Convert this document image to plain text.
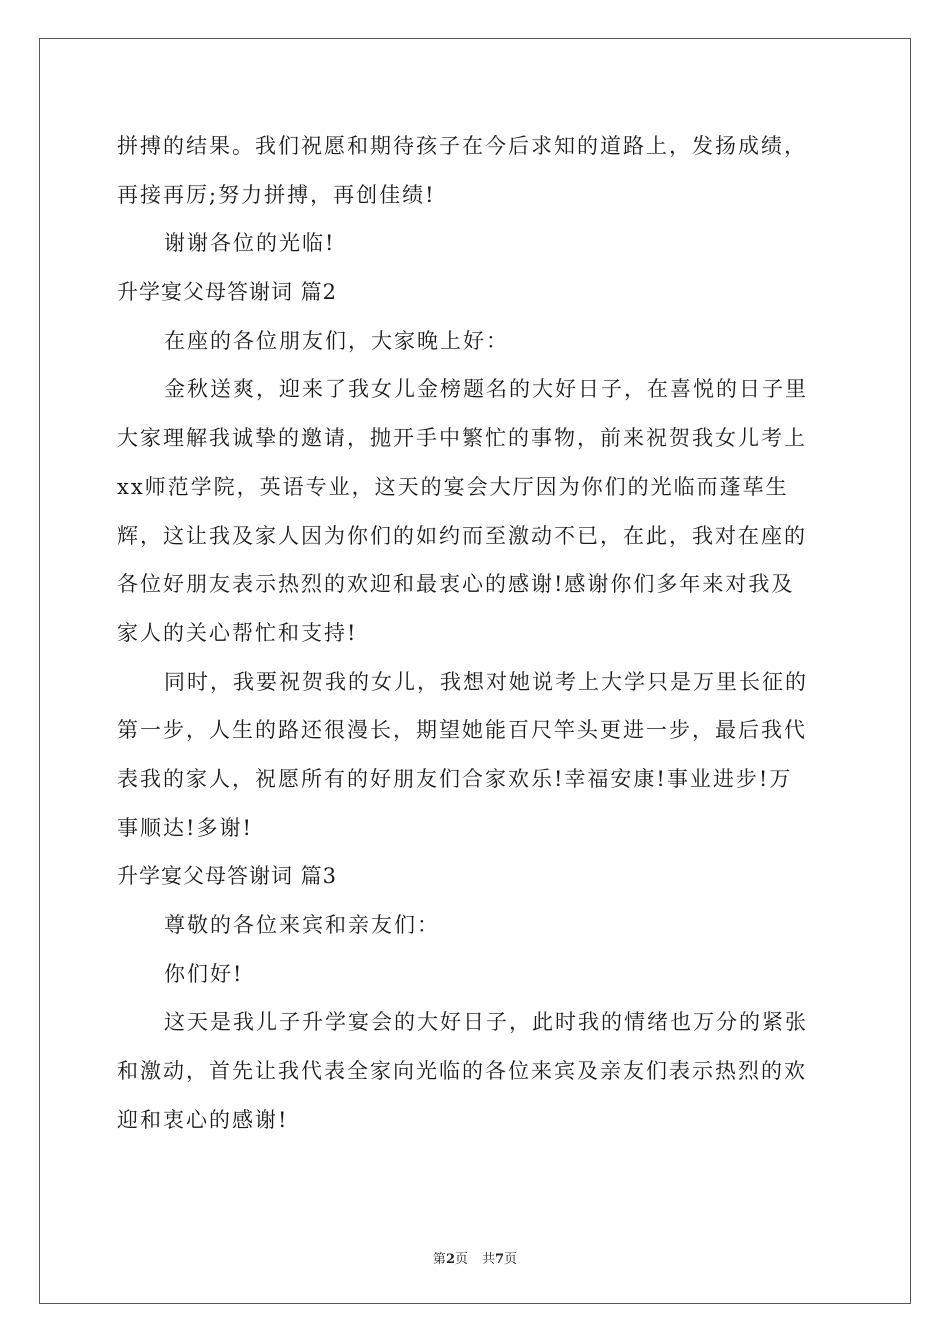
拼搏的结果。我们祝愿和期待孩子在今后求知的道路上，发扬成绩，
再接再厉;努力拼搏，再创佳绩!
谢谢各位的光临!
升学宴父母答谢词 篇2
在座的各位朋友们，大家晚上好：
金秋送爽，迎来了我女儿金榜题名的大好日子，在喜悦的日子里
大家理解我诚挚的邀请，抛开手中繁忙的事物，前来祝贺我女儿考上
xx师范学院，英语专业，这天的宴会大厅因为你们的光临而蓬荜生
辉，这让我及家人因为你们的如约而至激动不已，在此，我对在座的
各位好朋友表示热烈的欢迎和最衷心的感谢!感谢你们多年来对我及
家人的关心帮忙和支持!
同时，我要祝贺我的女儿，我想对她说考上大学只是万里长征的
第一步，人生的路还很漫长，期望她能百尺竿头更进一步，最后我代
表我的家人，祝愿所有的好朋友们合家欢乐!幸福安康!事业进步!万
事顺达!多谢!
升学宴父母答谢词 篇3
尊敬的各位来宾和亲友们：
你们好!
这天是我儿子升学宴会的大好日子，此时我的情绪也万分的紧张
和激动，首先让我代表全家向光临的各位来宾及亲友们表示热烈的欢
迎和衷心的感谢!
第2页 共7页
